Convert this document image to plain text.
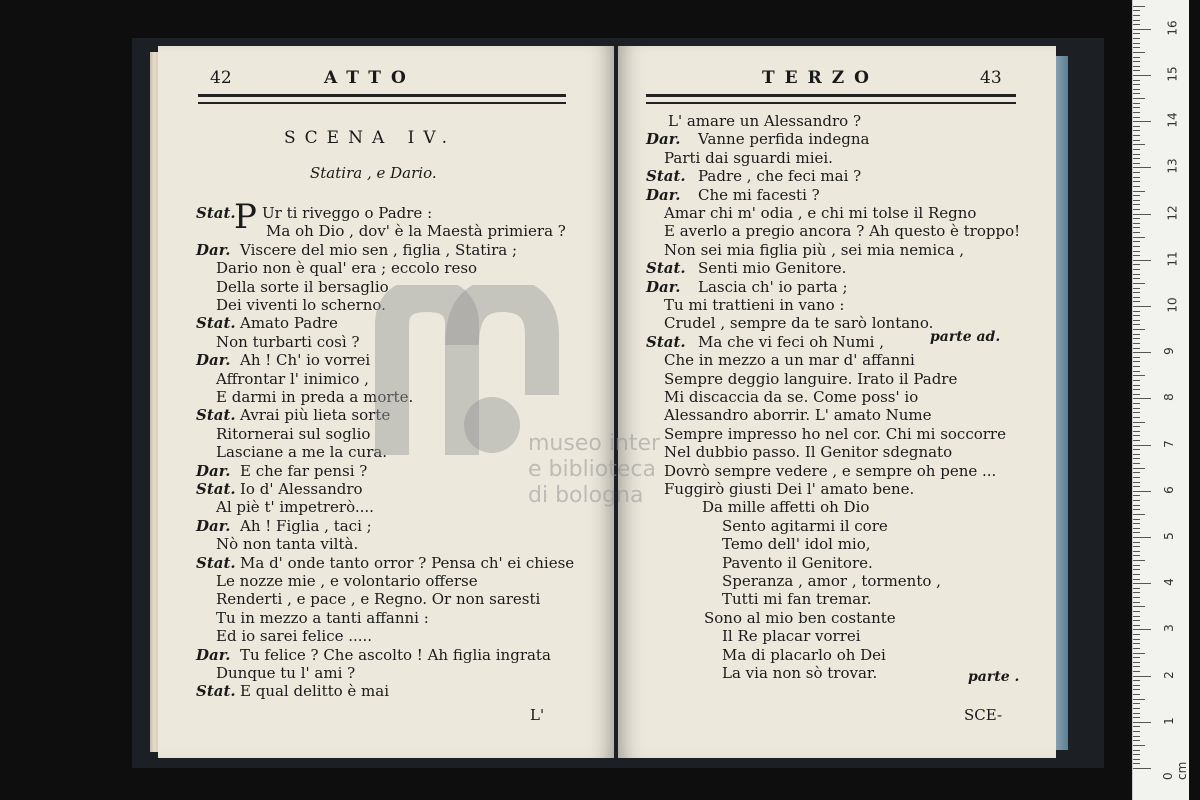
42	ATTO
SCENA IV.
Statira , e Dario.
P
Stat. Ur ti riveggo o Padre :
Ma oh Dio , dov' è la Maestà primiera ?
Dar. Viscere del mio sen , figlia , Statira ;
Dario non è qual' era ; eccolo reso
Della sorte il bersaglio
Dei viventi lo scherno.
Stat. Amato Padre
Non turbarti così ?
Dar. Ah ! Ch' io vorrei
Affrontar l' inimico ,
E darmi in preda a morte.
Stat. Avrai più lieta sorte
Ritornerai sul soglio
Lasciane a me la cura.
Dar. E che far pensi ?
Stat. Io d' Alessandro
Al piè t' impetrerò....
Dar. Ah ! Figlia , taci ;
Nò non tanta viltà.
Stat. Ma d' onde tanto orror ? Pensa ch' ei chiese
Le nozze mie , e volontario offerse
Renderti , e pace , e Regno. Or non saresti
Tu in mezzo a tanti affanni :
Ed io sarei felice .....
Dar. Tu felice ? Che ascolto ! Ah figlia ingrata
Dunque tu l' ami ?
Stat. E qual delitto è mai
L'
TERZO	43
L' amare un Alessandro ?
Dar. Vanne perfida indegna
Parti dai sguardi miei.
Stat. Padre , che feci mai ?
Dar. Che mi facesti ?
Amar chi m' odia , e chi mi tolse il Regno
E averlo a pregio ancora ? Ah questo è troppo!
Non sei mia figlia più , sei mia nemica ,
Stat. Senti mio Genitore.
Dar. Lascia ch' io parta ;
Tu mi trattieni in vano :
Crudel , sempre da te sarò lontano.
Stat. Ma che vi feci oh Numi ,
Che in mezzo a un mar d' affanni
Sempre deggio languire. Irato il Padre
Mi discaccia da se. Come poss' io
Alessandro aborrir. L' amato Nume
Sempre impresso ho nel cor. Chi mi soccorre
Nel dubbio passo. Il Genitor sdegnato
Dovrò sempre vedere , e sempre oh pene ...
Fuggirò giusti Dei l' amato bene.
Da mille affetti oh Dio
Sento agitarmi il core
Temo dell' idol mio,
Pavento il Genitore.
Speranza , amor , tormento ,
Tutti mi fan tremar.
Sono al mio ben costante
Il Re placar vorrei
Ma di placarlo oh Dei
La via non sò trovar.
parte ad.
parte .
SCE-
museo inter
e biblioteca
di bologna
0 cm
1
2
3
4
5
6
7
8
9
10
11
12
13
14
15
16
